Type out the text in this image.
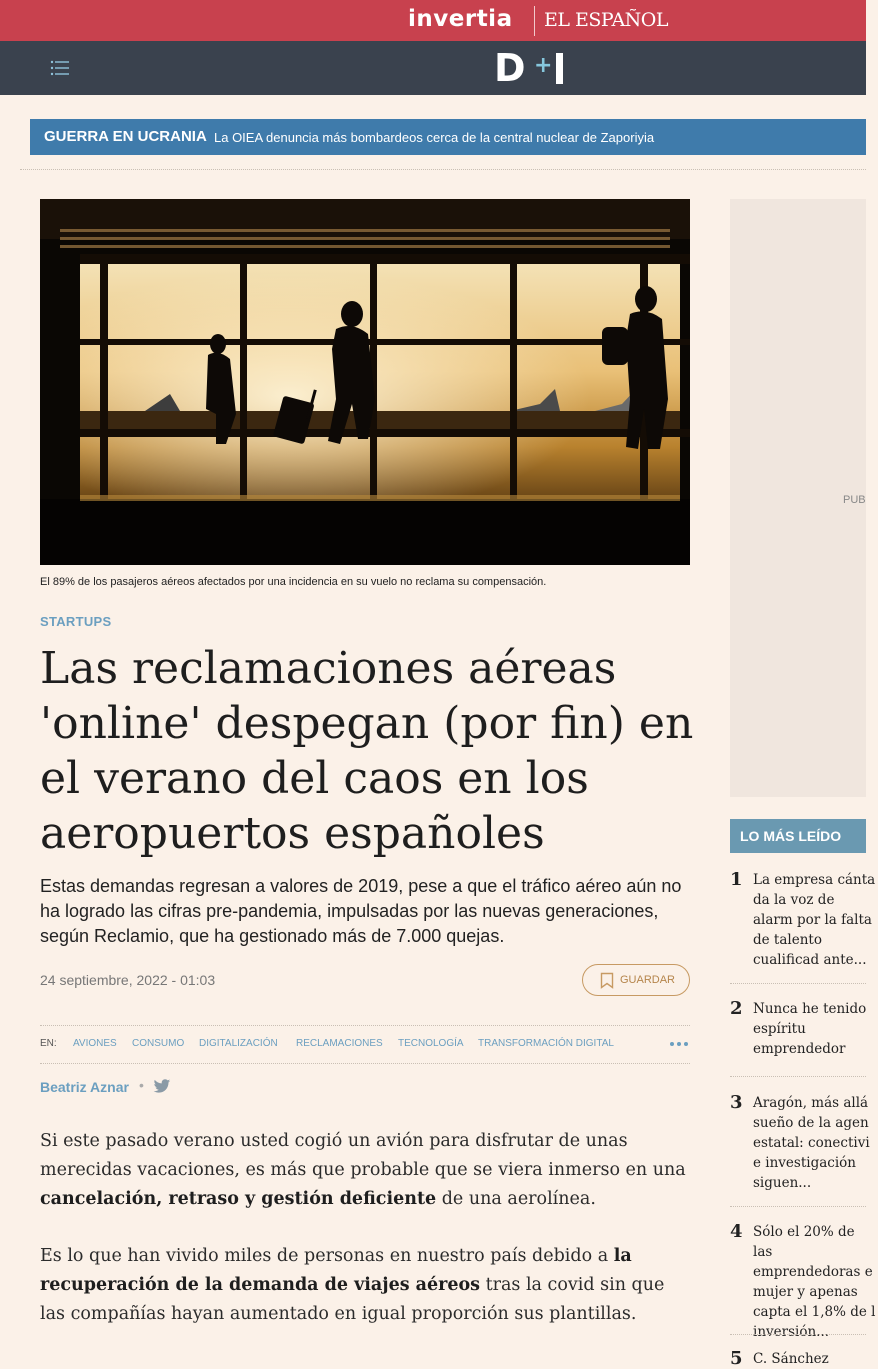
invertia EL ESPAÑOL
D +
GUERRA EN UCRANIA La OIEA denuncia más bombardeos cerca de la central nuclear de Zaporiyia
El 89% de los pasajeros aéreos afectados por una incidencia en su vuelo no reclama su compensación.
PUB
STARTUPS
Las reclamaciones aéreas 'online' despegan (por fin) en el verano del caos en los aeropuertos españoles

Estas demandas regresan a valores de 2019, pese a que el tráfico aéreo aún no ha logrado las cifras pre-pandemia, impulsadas por las nuevas generaciones, según Reclamio, que ha gestionado más de 7.000 quejas.

24 septiembre, 2022 - 01:03	GUARDAR
EN: AVIONES CONSUMO DIGITALIZACIÓN RECLAMACIONES TECNOLOGÍA TRANSFORMACIÓN DIGITAL
Beatriz Aznar •

Si este pasado verano usted cogió un avión para disfrutar de unas merecidas vacaciones, es más que probable que se viera inmerso en una cancelación, retraso y gestión deficiente de una aerolínea.

Es lo que han vivido miles de personas en nuestro país debido a la recuperación de la demanda de viajes aéreos tras la covid sin que las compañías hayan aumentado en igual proporción sus plantillas.

LO MÁS LEÍDO
1 La empresa cánta da la voz de alarm por la falta de talento cualificad ante...
2 Nunca he tenido espíritu emprendedor
3 Aragón, más allá sueño de la agen estatal: conectivi e investigación siguen...
4 Sólo el 20% de las emprendedoras e mujer y apenas capta el 1,8% de l inversión...
5 C. Sánchez
